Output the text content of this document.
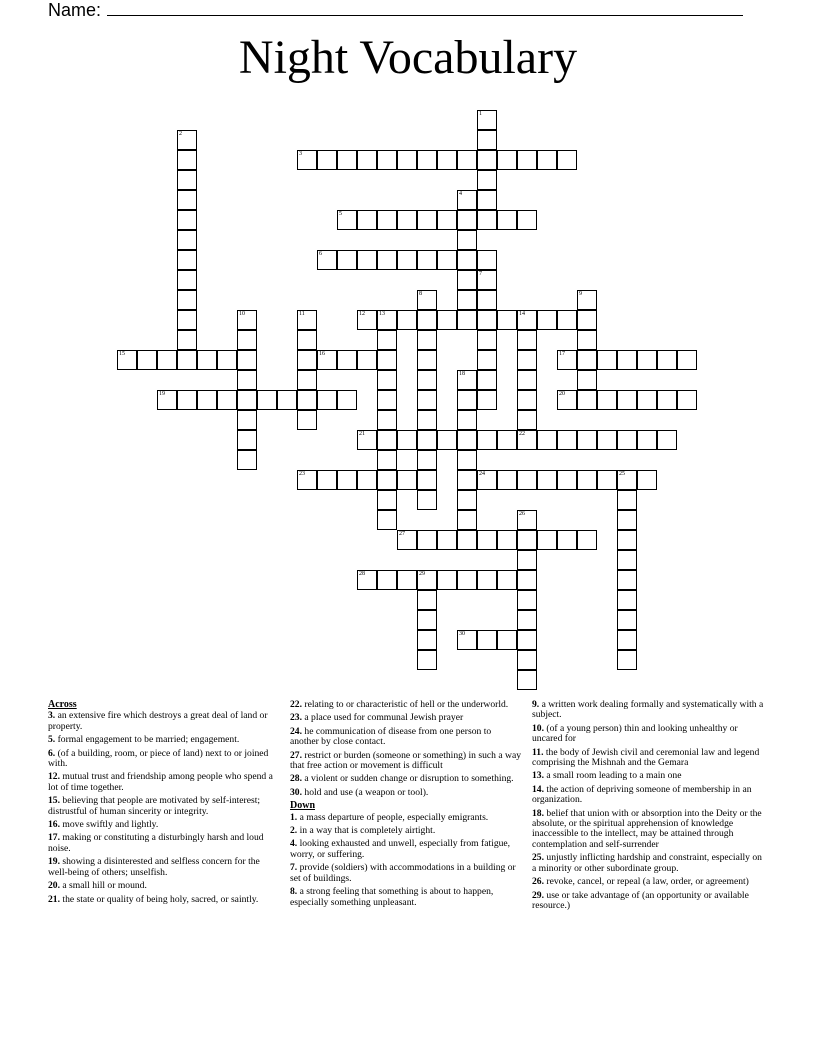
Name:
Night Vocabulary
1
2
3
4
5
6
7
8	9
10	11	12 13	14
15	16	17
18
19	20
21	22
23	24	25
26
27
28	29
30
Across
3. an extensive fire which destroys a great deal of land or property.
5. formal engagement to be married; engagement.
6. (of a building, room, or piece of land) next to or joined with.
12. mutual trust and friendship among people who spend a lot of time together.
15. believing that people are motivated by self-interest; distrustful of human sincerity or integrity.
16. move swiftly and lightly.
17. making or constituting a disturbingly harsh and loud noise.
19. showing a disinterested and selfless concern for the well-being of others; unselfish.
20. a small hill or mound.
21. the state or quality of being holy, sacred, or saintly.
22. relating to or characteristic of hell or the underworld.
23. a place used for communal Jewish prayer
24. he communication of disease from one person to another by close contact.
27. restrict or burden (someone or something) in such a way that free action or movement is difficult
28. a violent or sudden change or disruption to something.
30. hold and use (a weapon or tool).
Down
1. a mass departure of people, especially emigrants.
2. in a way that is completely airtight.
4. looking exhausted and unwell, especially from fatigue, worry, or suffering.
7. provide (soldiers) with accommodations in a building or set of buildings.
8. a strong feeling that something is about to happen, especially something unpleasant.
9. a written work dealing formally and systematically with a subject.
10. (of a young person) thin and looking unhealthy or uncared for
11. the body of Jewish civil and ceremonial law and legend comprising the Mishnah and the Gemara
13. a small room leading to a main one
14. the action of depriving someone of membership in an organization.
18. belief that union with or absorption into the Deity or the absolute, or the spiritual apprehension of knowledge inaccessible to the intellect, may be attained through contemplation and self-surrender
25. unjustly inflicting hardship and constraint, especially on a minority or other subordinate group.
26. revoke, cancel, or repeal (a law, order, or agreement)
29. use or take advantage of (an opportunity or available resource.)
